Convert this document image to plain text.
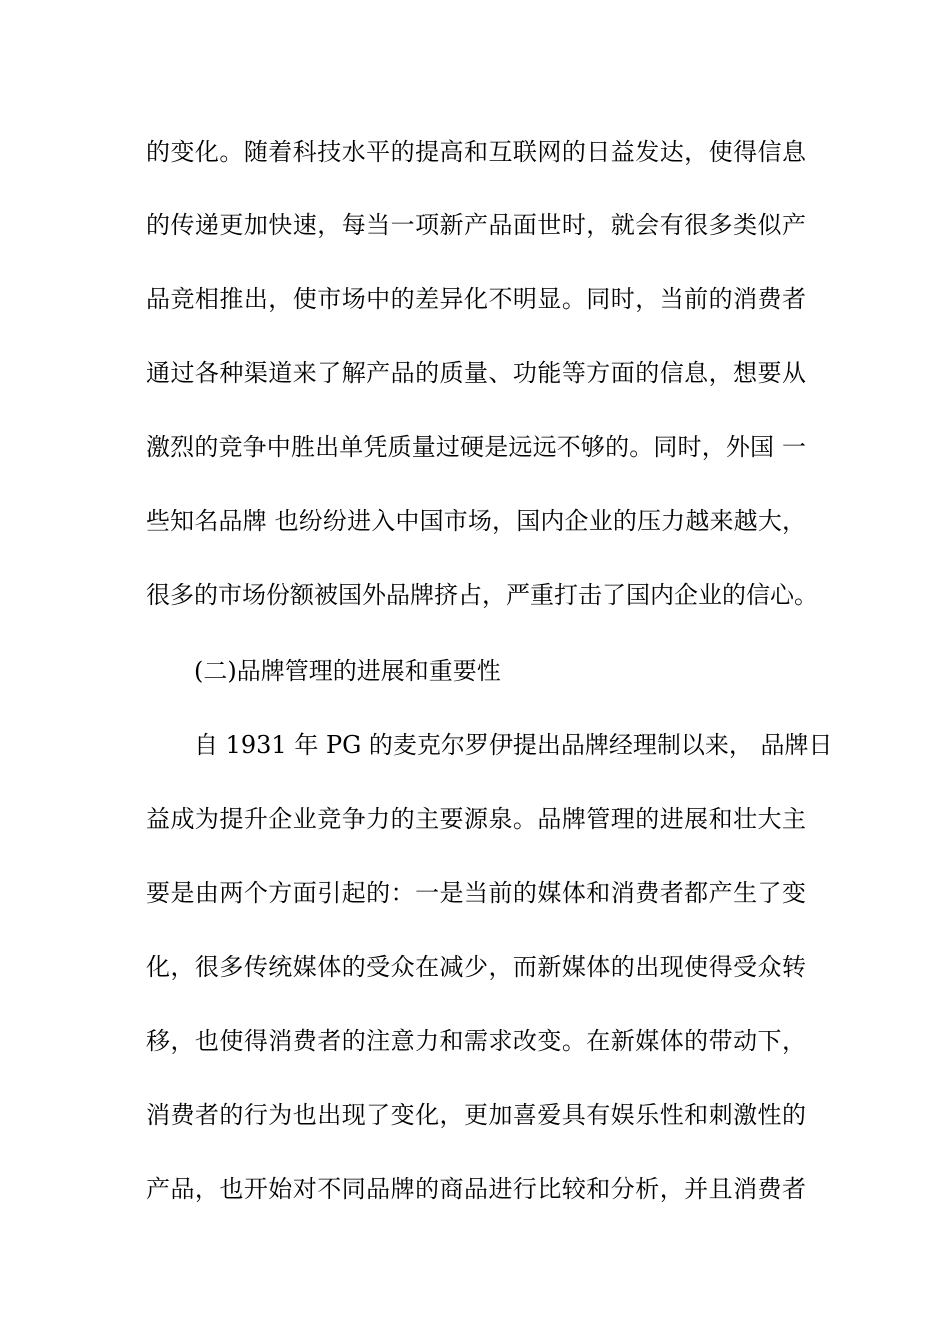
的变化。随着科技水平的提高和互联网的日益发达，使得信息
的传递更加快速，每当一项新产品面世时，就会有很多类似产
品竞相推出，使市场中的差异化不明显。同时，当前的消费者
通过各种渠道来了解产品的质量、功能等方面的信息，想要从
激烈的竞争中胜出单凭质量过硬是远远不够的。同时，外国 一
些知名品牌 也纷纷进入中国市场，国内企业的压力越来越大，
很多的市场份额被国外品牌挤占，严重打击了国内企业的信心。
(二)品牌管理的进展和重要性
自 1931 年 PG 的麦克尔罗伊提出品牌经理制以来， 品牌日
益成为提升企业竞争力的主要源泉。品牌管理的进展和壮大主
要是由两个方面引起的：一是当前的媒体和消费者都产生了变
化，很多传统媒体的受众在减少，而新媒体的出现使得受众转
移，也使得消费者的注意力和需求改变。在新媒体的带动下，
消费者的行为也出现了变化，更加喜爱具有娱乐性和刺激性的
产品，也开始对不同品牌的商品进行比较和分析，并且消费者
